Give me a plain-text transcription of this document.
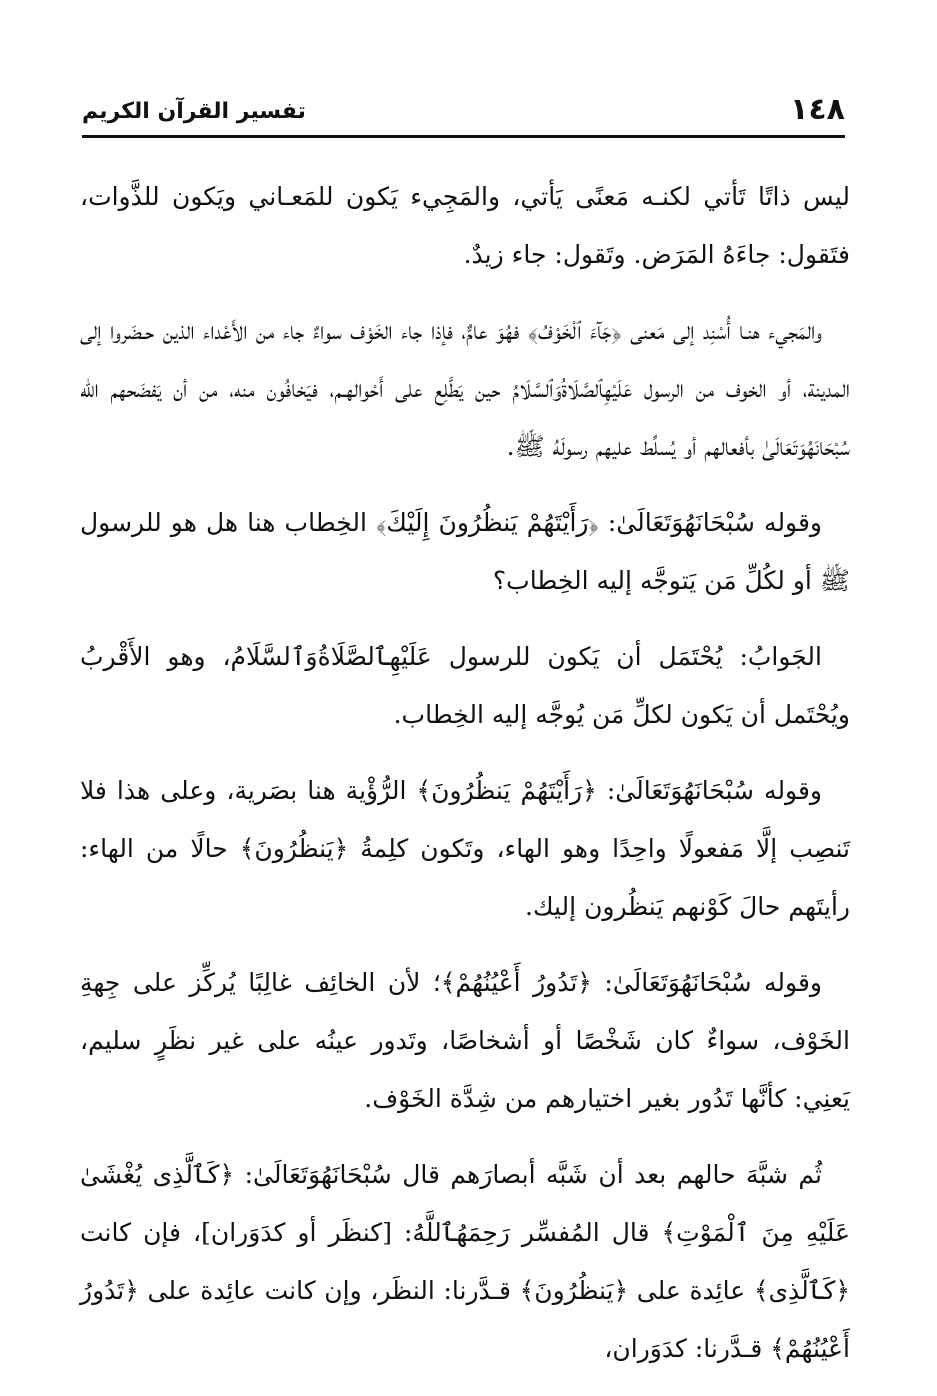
١٤٨
تفسير القرآن الكريم

ليس ذاتًا تَأتي لكنـه مَعنًى يَأتي، والمَجِيء يَكون للمَعـاني ويَكون للذَّوات، فتَقول: جاءَهُ المَرَض. وتَقول: جاء زيدٌ.

والمَجيء هنـا أُسْنِد إلى مَعنى ﴿جَآءَ ٱلْخَوْفُ﴾ فهُوَ عامٌّ، فإذا جاء الخَوْف سواءٌ جاء من الأَعْداء الذين حـضَروا إلى المدينة، أو الخوف من الرسول عَلَيْهِٱلصَّلَاةُوَٱلسَّلَامُ حين يَطَّلِع على أَحْوالهـم، فيَخافُون منه، من أن يَفضَحهم الله سُبْحَانَهُوَتَعَالَىٰ بأفعالهم أو يُسلِّط عليهم رسولَهُ ﷺ.

وقوله سُبْحَانَهُوَتَعَالَىٰ: ﴿رَأَيْتَهُمْ يَنظُرُونَ إِلَيْكَ﴾ الخِطاب هنا هل هو للرسول ﷺ أو لكُلِّ مَن يَتوجَّه إليه الخِطاب؟

الجَوابُ: يُحْتَمَل أن يَكون للرسول عَلَيْهِٱلصَّلَاةُوَٱلسَّلَامُ، وهو الأَقْربُ ويُحْتَمل أن يَكون لكلِّ مَن يُوجَّه إليه الخِطاب.

وقوله سُبْحَانَهُوَتَعَالَىٰ: ﴿رَأَيْتَهُمْ يَنظُرُونَ﴾ الرُّؤْية هنا بصَرية، وعلى هذا فلا تَنصِب إلَّا مَفعولًا واحِدًا وهو الهاء، وتَكون كلِمةُ ﴿يَنظُرُونَ﴾ حالًا من الهاء: رأيتَهم حالَ كَوْنهم يَنظُرون إليك.

وقوله سُبْحَانَهُوَتَعَالَىٰ: ﴿تَدُورُ أَعْيُنُهُمْ﴾؛ لأن الخائِف غالِبًا يُركِّز على جِهةِ الخَوْف، سواءٌ كان شَخْصًا أو أشخاصًا، وتَدور عينُه على غير نظَرٍ سليم، يَعنِي: كأنَّها تَدُور بغير اختيارهم من شِدَّة الخَوْف.

ثُم شبَّهَ حالهم بعد أن شَبَّه أبصارَهم قال سُبْحَانَهُوَتَعَالَىٰ: ﴿كَٱلَّذِى يُغْشَىٰ عَلَيْهِ مِنَ ٱلْمَوْتِ﴾ قال المُفسِّر رَحِمَهُٱللَّهُ: [كنظَر أو كدَوَران]، فإن كانت ﴿كَٱلَّذِى﴾ عائِدة على ﴿يَنظُرُونَ﴾ قـدَّرنا: النظَر، وإن كانت عائِدة على ﴿تَدُورُ أَعْيُنُهُمْ﴾ قـدَّرنا: كدَوَران،
